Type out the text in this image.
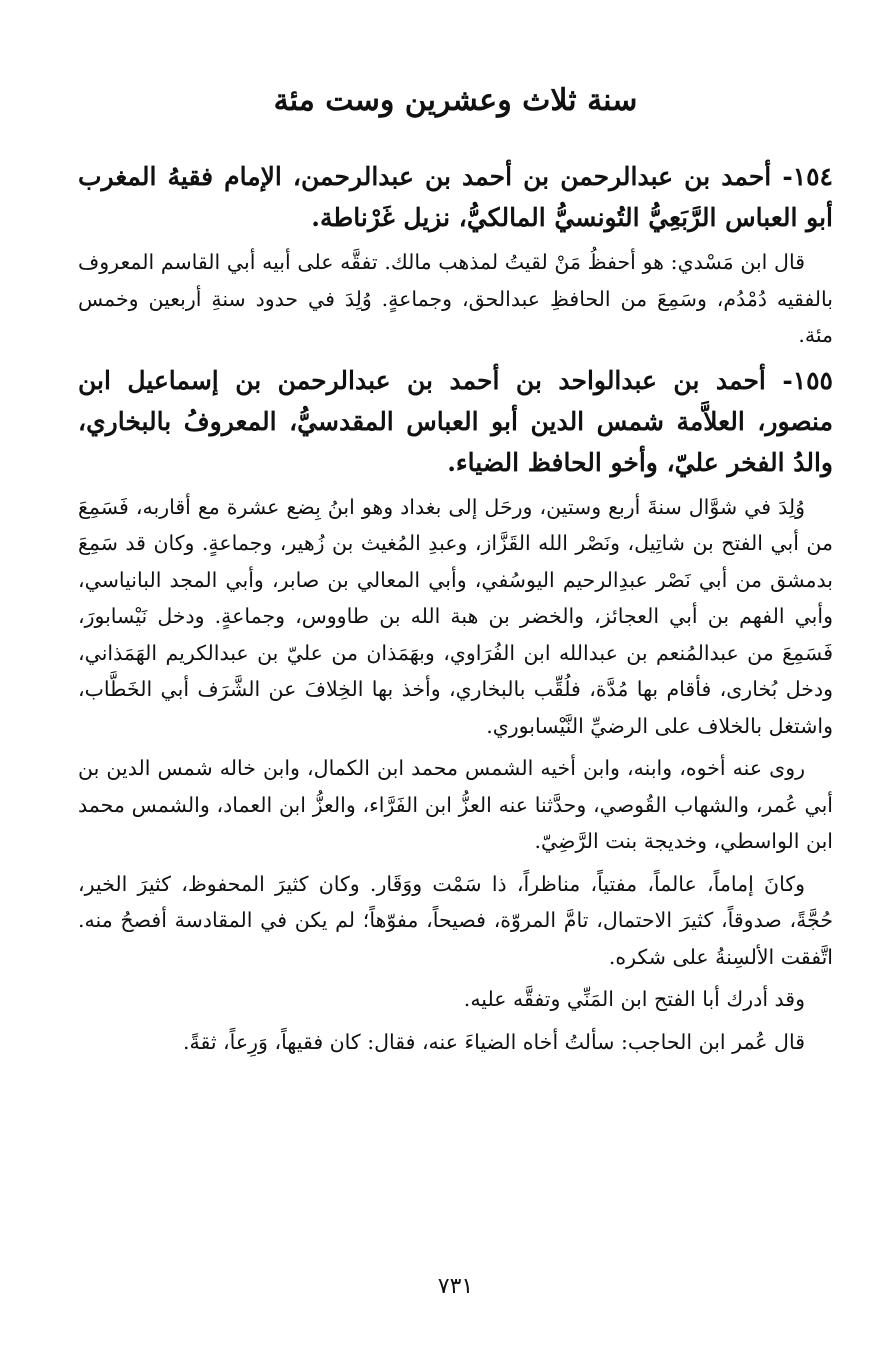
سنة ثلاث وعشرين وست مئة

١٥٤- أحمد بن عبدالرحمن بن أحمد بن عبدالرحمن، الإمام فقيهُ المغرب أبو العباس الرَّبَعِيُّ التُونسيُّ المالكيُّ، نزيل غَرْناطة.

قال ابن مَسْدي: هو أحفظُ مَنْ لقيتُ لمذهب مالك. تفقَّه على أبيه أبي القاسم المعروف بالفقيه دُمْدُم، وسَمِعَ من الحافظِ عبدالحق، وجماعةٍ. وُلِدَ في حدود سنةِ أربعين وخمس مئة.

١٥٥- أحمد بن عبدالواحد بن أحمد بن عبدالرحمن بن إسماعيل ابن منصور، العلاَّمة شمس الدين أبو العباس المقدسيُّ، المعروفُ بالبخاري، والدُ الفخر عليّ، وأخو الحافظ الضياء.

وُلِدَ في شوَّال سنةَ أربع وستين، ورحَل إلى بغداد وهو ابنُ بِضع عشرة مع أقاربه، فَسَمِعَ من أبي الفتح بن شاتِيل، ونَصْر الله القَزَّاز، وعبدِ المُغيث بن زُهير، وجماعةٍ. وكان قد سَمِعَ بدمشق من أبي نَصْر عبدِالرحيم اليوسُفي، وأبي المعالي بن صابر، وأبي المجد البانياسي، وأبي الفهم بن أبي العجائز، والخضر بن هبة الله بن طاووس، وجماعةٍ. ودخل نَيْسابورَ، فَسَمِعَ من عبدالمُنعم بن عبدالله ابن الفُرَاوي، وبهَمَذان من عليّ بن عبدالكريم الهَمَذاني، ودخل بُخارى، فأقام بها مُدَّة، فلُقِّب بالبخاري، وأخذ بها الخِلافَ عن الشَّرَف أبي الخَطَّاب، واشتغل بالخلاف على الرضيِّ النَّيْسابوري.

روى عنه أخوه، وابنه، وابن أخيه الشمس محمد ابن الكمال، وابن خاله شمس الدين بن أبي عُمر، والشهاب القُوصي، وحدَّثنا عنه العزُّ ابن الفَرَّاء، والعزُّ ابن العماد، والشمس محمد ابن الواسطي، وخديجة بنت الرَّضِيّ.

وكانَ إماماً، عالماً، مفتياً، مناظراً، ذا سَمْت ووَقَار. وكان كثيرَ المحفوظ، كثيرَ الخير، حُجَّةً، صدوقاً، كثيرَ الاحتمال، تامَّ المروّة، فصيحاً، مفوّهاً؛ لم يكن في المقادسة أفصحُ منه. اتَّفقت الألسِنةُ على شكره.

وقد أدرك أبا الفتح ابن المَنِّي وتفقَّه عليه.

قال عُمر ابن الحاجب: سألتُ أخاه الضياءَ عنه، فقال: كان فقيهاً، وَرِعاً، ثقةً.

٧٣١
